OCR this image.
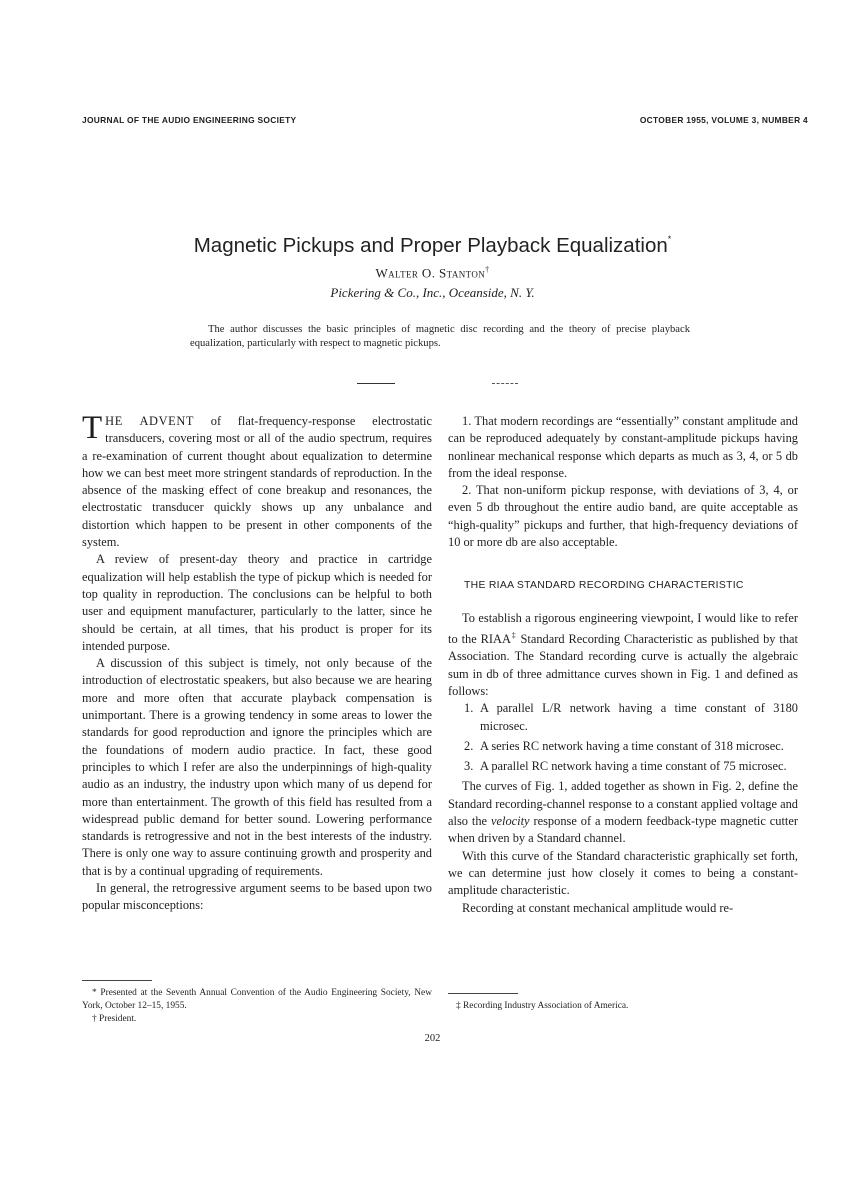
JOURNAL OF THE AUDIO ENGINEERING SOCIETY	OCTOBER 1955, VOLUME 3, NUMBER 4
Magnetic Pickups and Proper Playback Equalization*
Walter O. Stanton†
Pickering & Co., Inc., Oceanside, N. Y.
The author discusses the basic principles of magnetic disc recording and the theory of precise playback equalization, particularly with respect to magnetic pickups.

THE ADVENT of flat-frequency-response electrostatic transducers, covering most or all of the audio spectrum, requires a re-examination of current thought about equalization to determine how we can best meet more stringent standards of reproduction. In the absence of the masking effect of cone breakup and resonances, the electrostatic transducer quickly shows up any unbalance and distortion which happen to be present in other components of the system.

A review of present-day theory and practice in cartridge equalization will help establish the type of pickup which is needed for top quality in reproduction. The conclusions can be helpful to both user and equipment manufacturer, particularly to the latter, since he should be certain, at all times, that his product is proper for its intended purpose.

A discussion of this subject is timely, not only because of the introduction of electrostatic speakers, but also because we are hearing more and more often that accurate playback compensation is unimportant. There is a growing tendency in some areas to lower the standards for good reproduction and ignore the principles which are the foundations of modern audio practice. In fact, these good principles to which I refer are also the underpinnings of high-quality audio as an industry, the industry upon which many of us depend for more than entertainment. The growth of this field has resulted from a widespread public demand for better sound. Lowering performance standards is retrogressive and not in the best interests of the industry. There is only one way to assure continuing growth and prosperity and that is by a continual upgrading of requirements.

In general, the retrogressive argument seems to be based upon two popular misconceptions:

1. That modern recordings are “essentially” constant amplitude and can be reproduced adequately by constant-amplitude pickups having nonlinear mechanical response which departs as much as 3, 4, or 5 db from the ideal response.

2. That non-uniform pickup response, with deviations of 3, 4, or even 5 db throughout the entire audio band, are quite acceptable as “high-quality” pickups and further, that high-frequency deviations of 10 or more db are also acceptable.

THE RIAA STANDARD RECORDING CHARACTERISTIC

To establish a rigorous engineering viewpoint, I would like to refer to the RIAA‡ Standard Recording Characteristic as published by that Association. The Standard recording curve is actually the algebraic sum in db of three admittance curves shown in Fig. 1 and defined as follows:

1. A parallel L/R network having a time constant of 3180 microsec.
2. A series RC network having a time constant of 318 microsec.
3. A parallel RC network having a time constant of 75 microsec.

The curves of Fig. 1, added together as shown in Fig. 2, define the Standard recording-channel response to a constant applied voltage and also the velocity response of a modern feedback-type magnetic cutter when driven by a Standard channel.

With this curve of the Standard characteristic graphically set forth, we can determine just how closely it comes to being a constant-amplitude characteristic.

Recording at constant mechanical amplitude would re-

* Presented at the Seventh Annual Convention of the Audio Engineering Society, New York, October 12–15, 1955.

† President.

‡ Recording Industry Association of America.

202
